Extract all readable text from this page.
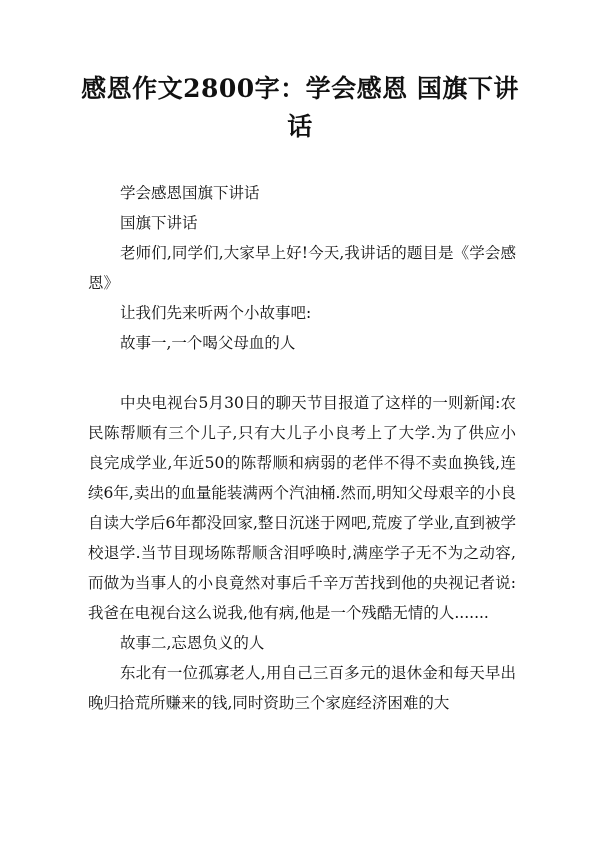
感恩作文2800字：学会感恩 国旗下讲话

学会感恩国旗下讲话

国旗下讲话

老师们,同学们,大家早上好!今天,我讲话的题目是《学会感恩》

让我们先来听两个小故事吧:

故事一,一个喝父母血的人

中央电视台5月30日的聊天节目报道了这样的一则新闻:农民陈帮顺有三个儿子,只有大儿子小良考上了大学.为了供应小良完成学业,年近50的陈帮顺和病弱的老伴不得不卖血换钱,连续6年,卖出的血量能装满两个汽油桶.然而,明知父母艰辛的小良自读大学后6年都没回家,整日沉迷于网吧,荒废了学业,直到被学校退学.当节目现场陈帮顺含泪呼唤时,满座学子无不为之动容,而做为当事人的小良竟然对事后千辛万苦找到他的央视记者说:我爸在电视台这么说我,他有病,他是一个残酷无情的人.......

故事二,忘恩负义的人

东北有一位孤寡老人,用自己三百多元的退休金和每天早出晚归拾荒所赚来的钱,同时资助三个家庭经济困难的大
